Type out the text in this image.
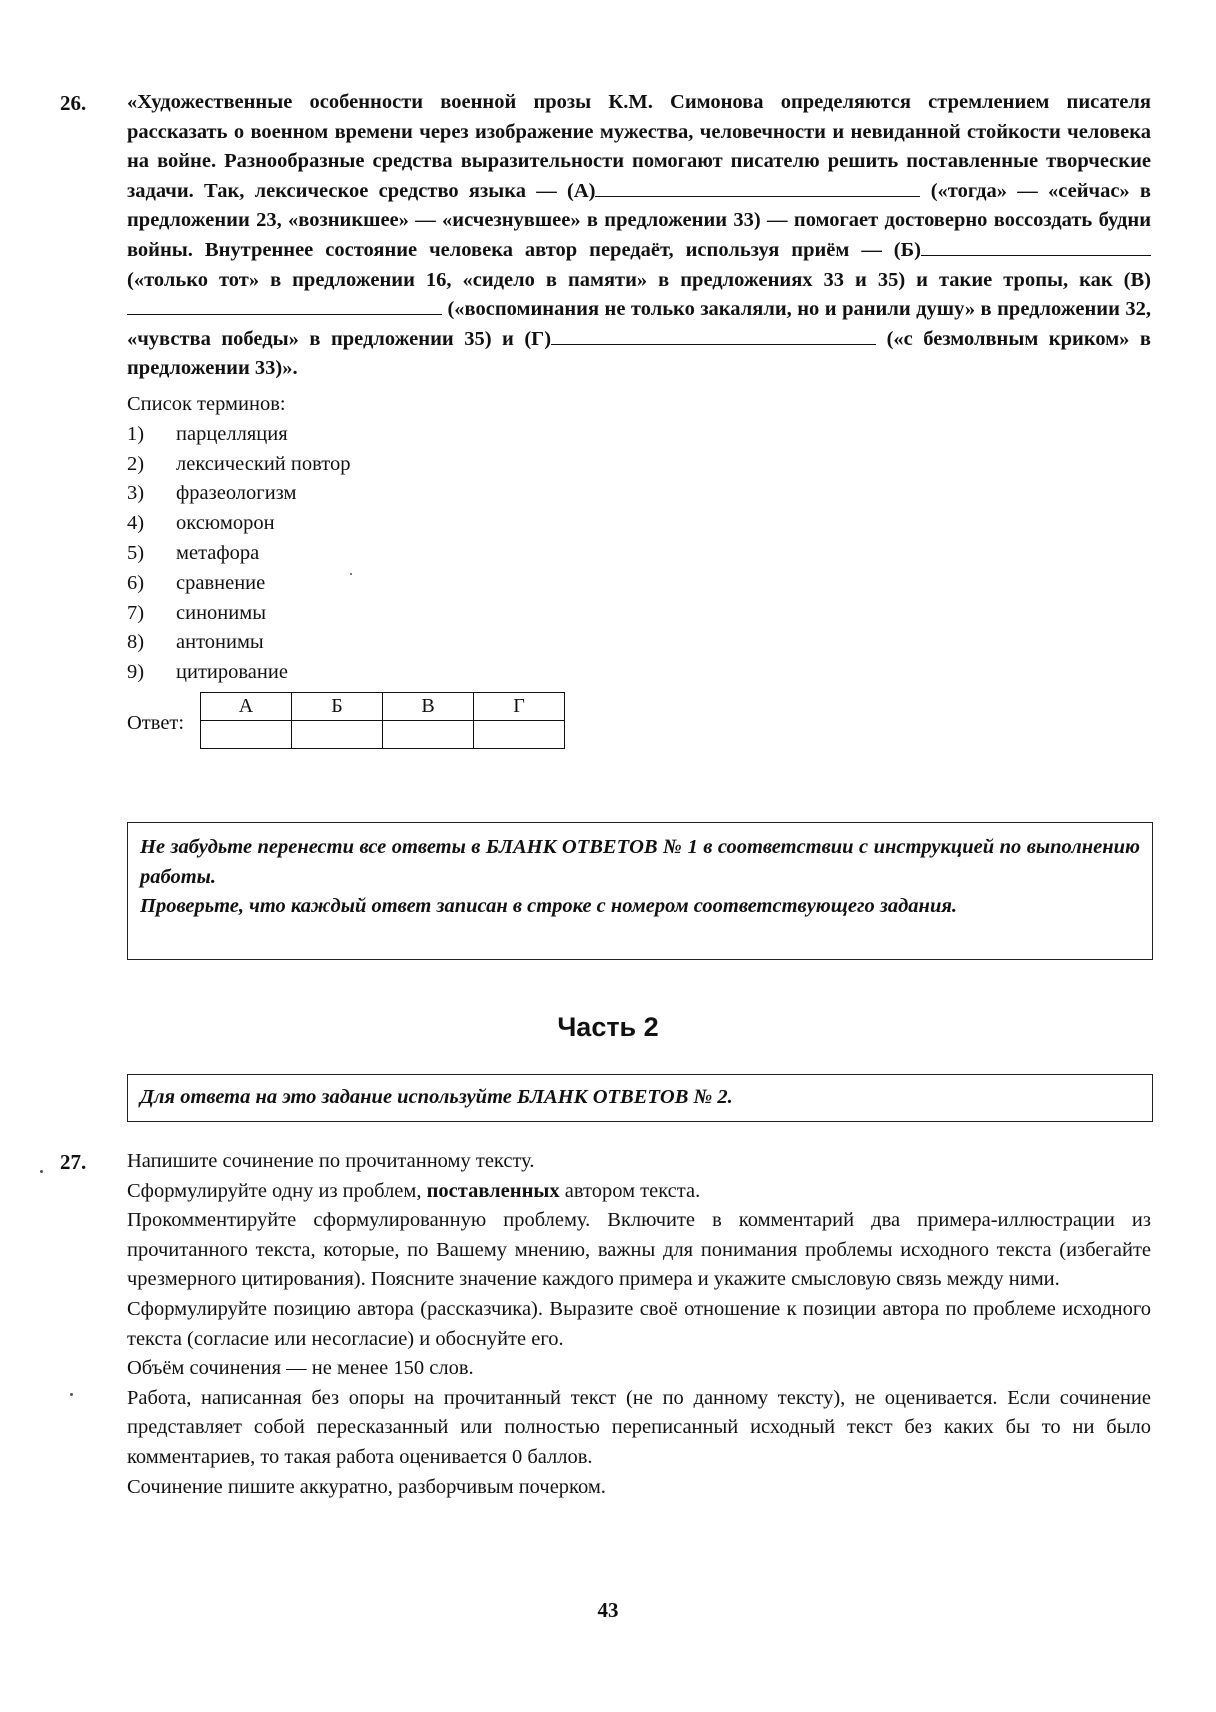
26. «Художественные особенности военной прозы К.М. Симонова определяются стремлением писателя рассказать о военном времени через изображение мужества, человечности и невиданной стойкости человека на войне. Разнообразные средства выразительности помогают писателю решить поставленные творческие задачи. Так, лексическое средство языка — (А)	(«тогда» — «сейчас» в предложении 23, «возникшее» — «исчезнувшее» в предложении 33) — помогает достоверно воссоздать будни войны. Внутреннее состояние человека автор передаёт, используя приём — (Б) («только тот» в предложении 16, «сидело в памяти» в предложениях 33 и 35) и такие тропы, как (В) («воспоминания не только закаляли, но и ранили душу» в предложении 32, «чувства победы» в предложении 35) и (Г)	(«с безмолвным криком» в предложении 33)».

Список терминов:
1) парцелляция
2) лексический повтор
3) фразеологизм
4) оксюморон
5) метафора
6) сравнение
7) синонимы
8) антонимы
9) цитирование
Ответ:
А	Б	В	Г

Не забудьте перенести все ответы в БЛАНК ОТВЕТОВ № 1 в соответствии с инструкцией по выполнению работы.

Проверьте, что каждый ответ записан в строке с номером соответствующего задания.

Часть 2

Для ответа на это задание используйте БЛАНК ОТВЕТОВ № 2.

27. Напишите сочинение по прочитанному тексту.

Сформулируйте одну из проблем, поставленных автором текста.

Прокомментируйте сформулированную проблему. Включите в комментарий два примера-иллюстрации из прочитанного текста, которые, по Вашему мнению, важны для понимания проблемы исходного текста (избегайте чрезмерного цитирования). Поясните значение каждого примера и укажите смысловую связь между ними.

Сформулируйте позицию автора (рассказчика). Выразите своё отношение к позиции автора по проблеме исходного текста (согласие или несогласие) и обоснуйте его.

Объём сочинения — не менее 150 слов.

Работа, написанная без опоры на прочитанный текст (не по данному тексту), не оценивается. Если сочинение представляет собой пересказанный или полностью переписанный исходный текст без каких бы то ни было комментариев, то такая работа оценивается 0 баллов.

Сочинение пишите аккуратно, разборчивым почерком.

43
